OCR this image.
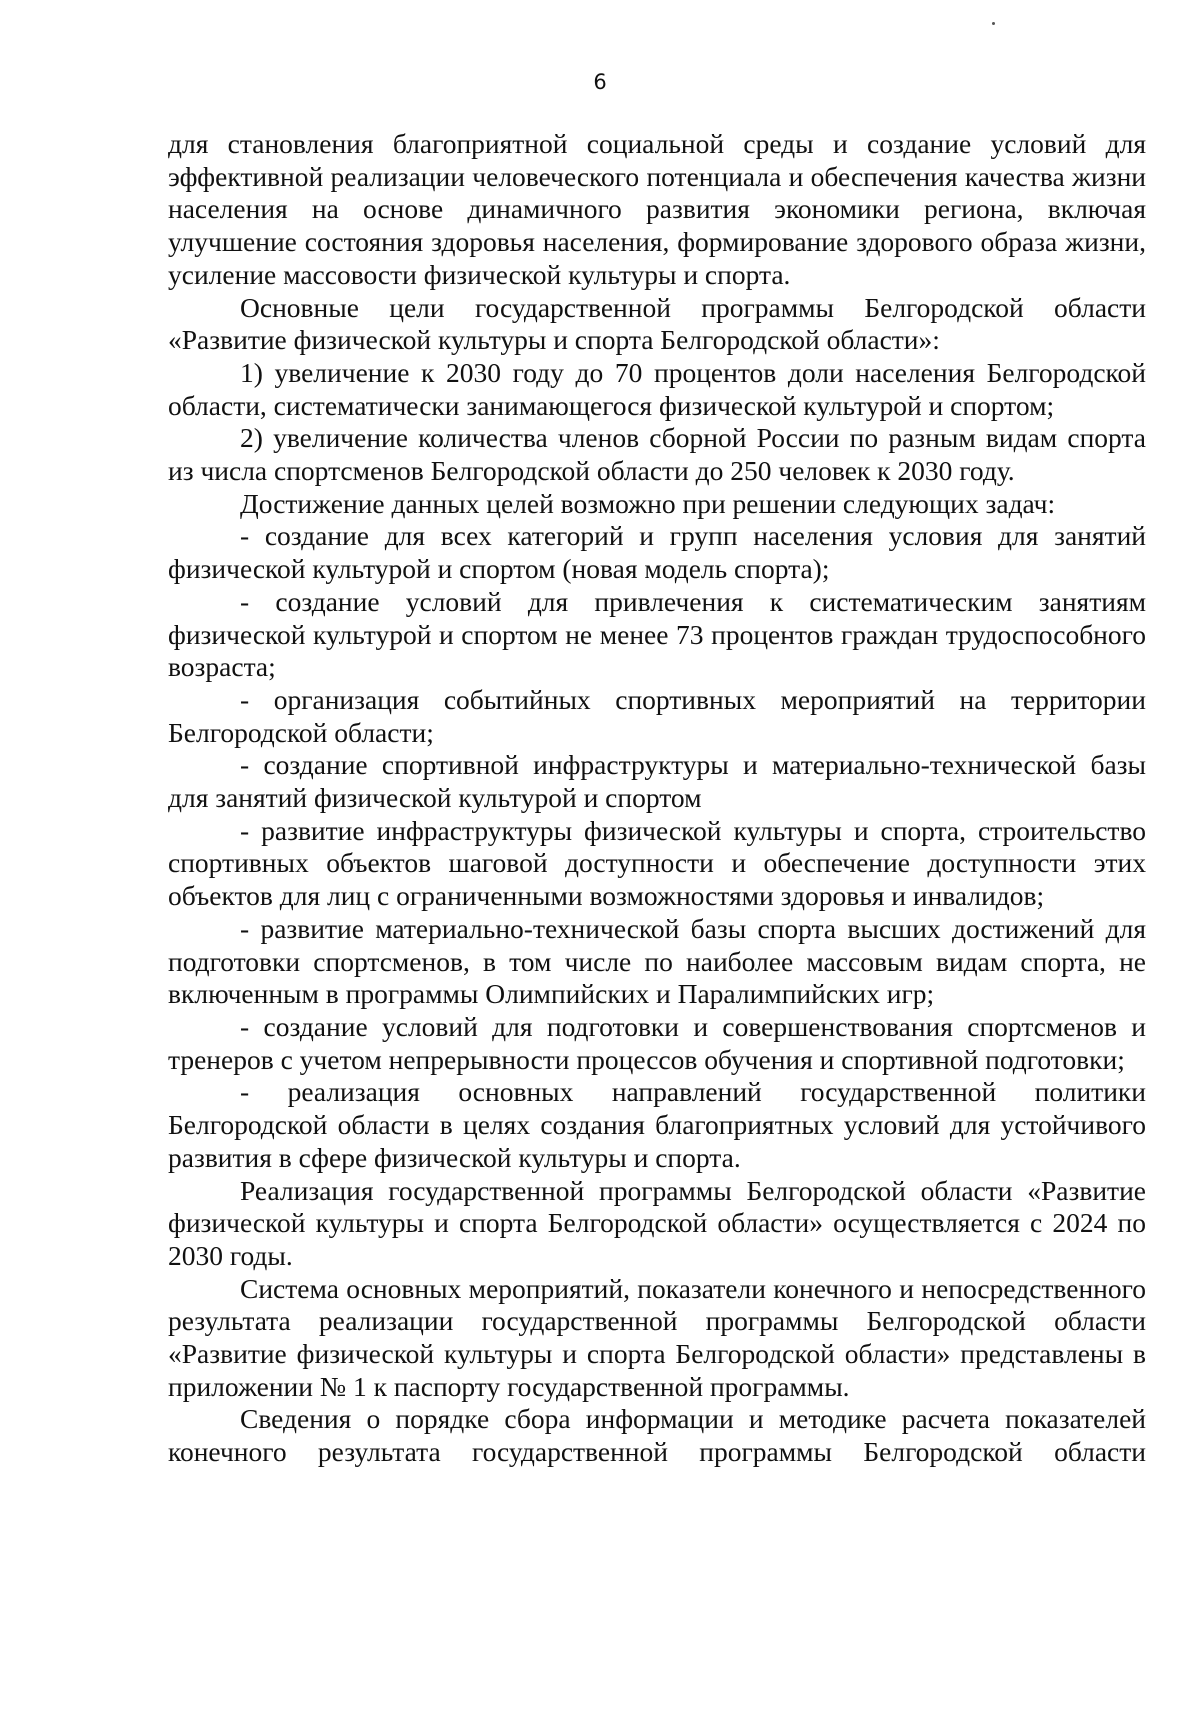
6

для становления благоприятной социальной среды и создание условий для эффективной реализации человеческого потенциала и обеспечения качества жизни населения на основе динамичного развития экономики региона, включая улучшение состояния здоровья населения, формирование здорового образа жизни, усиление массовости физической культуры и спорта.

Основные цели государственной программы Белгородской области «Развитие физической культуры и спорта Белгородской области»:

1) увеличение к 2030 году до 70 процентов доли населения Белгородской области, систематически занимающегося физической культурой и спортом;

2) увеличение количества членов сборной России по разным видам спорта из числа спортсменов Белгородской области до 250 человек к 2030 году.

Достижение данных целей возможно при решении следующих задач:

- создание для всех категорий и групп населения условия для занятий физической культурой и спортом (новая модель спорта);

- создание условий для привлечения к систематическим занятиям физической культурой и спортом не менее 73 процентов граждан трудоспособного возраста;

- организация событийных спортивных мероприятий на территории Белгородской области;

- создание спортивной инфраструктуры и материально-технической базы для занятий физической культурой и спортом

- развитие инфраструктуры физической культуры и спорта, строительство спортивных объектов шаговой доступности и обеспечение доступности этих объектов для лиц с ограниченными возможностями здоровья и инвалидов;

- развитие материально-технической базы спорта высших достижений для подготовки спортсменов, в том числе по наиболее массовым видам спорта, не включенным в программы Олимпийских и Паралимпийских игр;

- создание условий для подготовки и совершенствования спортсменов и тренеров с учетом непрерывности процессов обучения и спортивной подготовки;

- реализация основных направлений государственной политики Белгородской области в целях создания благоприятных условий для устойчивого развития в сфере физической культуры и спорта.

Реализация государственной программы Белгородской области «Развитие физической культуры и спорта Белгородской области» осуществляется с 2024 по 2030 годы.

Система основных мероприятий, показатели конечного и непосредственного результата реализации государственной программы Белгородской области «Развитие физической культуры и спорта Белгородской области» представлены в приложении № 1 к паспорту государственной программы.

Сведения о порядке сбора информации и методике расчета показателей конечного результата государственной программы Белгородской области
